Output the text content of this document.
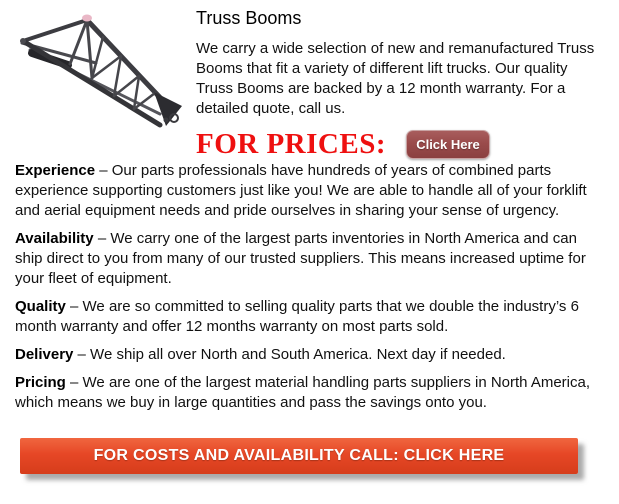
Truss Booms

We carry a wide selection of new and remanufactured Truss Booms that fit a variety of different lift trucks. Our quality Truss Booms are backed by a 12 month warranty. For a detailed quote, call us.

FOR PRICES:	Click Here

Experience – Our parts professionals have hundreds of years of combined parts experience supporting customers just like you! We are able to handle all of your forklift and aerial equipment needs and pride ourselves in sharing your sense of urgency.

Availability – We carry one of the largest parts inventories in North America and can ship direct to you from many of our trusted suppliers. This means increased uptime for your fleet of equipment.

Quality – We are so committed to selling quality parts that we double the industry’s 6 month warranty and offer 12 months warranty on most parts sold.

Delivery – We ship all over North and South America. Next day if needed.

Pricing – We are one of the largest material handling parts suppliers in North America, which means we buy in large quantities and pass the savings onto you.

FOR COSTS AND AVAILABILITY CALL: CLICK HERE
